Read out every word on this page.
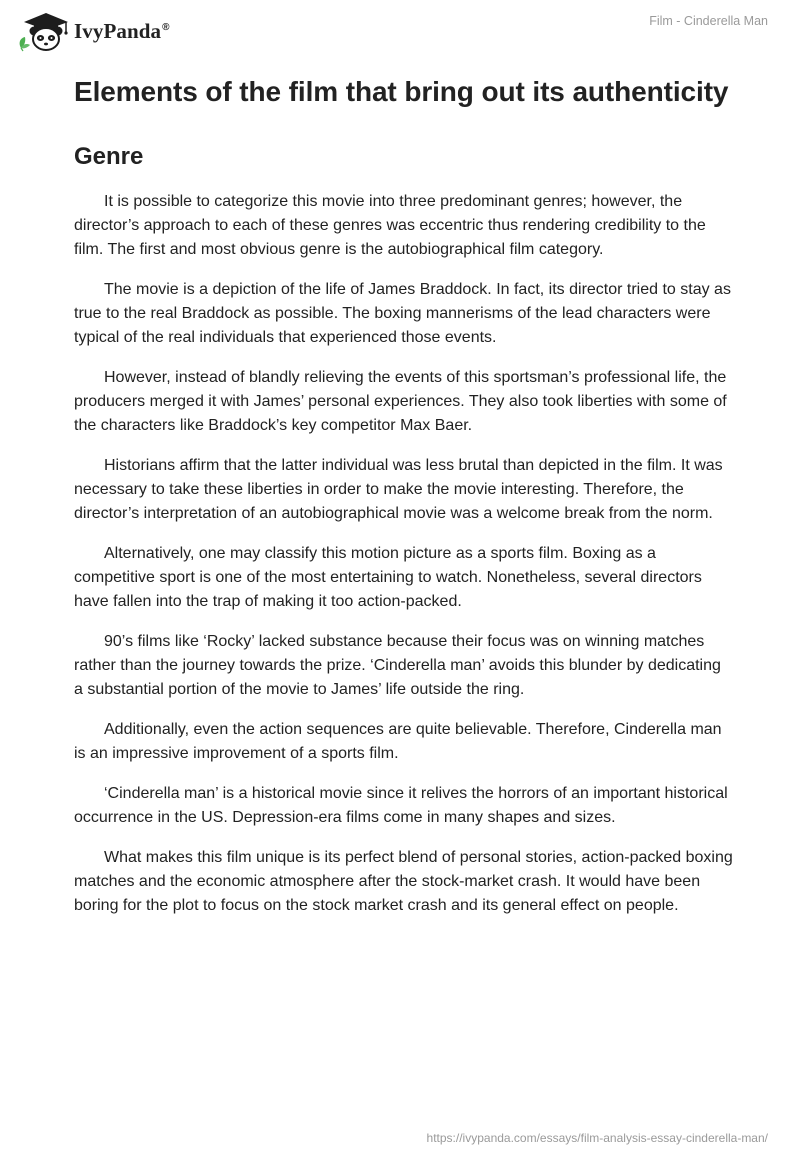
IvyPanda®	Film - Cinderella Man
Elements of the film that bring out its authenticity
Genre

It is possible to categorize this movie into three predominant genres; however, the director’s approach to each of these genres was eccentric thus rendering credibility to the film. The first and most obvious genre is the autobiographical film category.

The movie is a depiction of the life of James Braddock. In fact, its director tried to stay as true to the real Braddock as possible. The boxing mannerisms of the lead characters were typical of the real individuals that experienced those events.

However, instead of blandly relieving the events of this sportsman’s professional life, the producers merged it with James’ personal experiences. They also took liberties with some of the characters like Braddock’s key competitor Max Baer.

Historians affirm that the latter individual was less brutal than depicted in the film. It was necessary to take these liberties in order to make the movie interesting. Therefore, the director’s interpretation of an autobiographical movie was a welcome break from the norm.

Alternatively, one may classify this motion picture as a sports film. Boxing as a competitive sport is one of the most entertaining to watch. Nonetheless, several directors have fallen into the trap of making it too action-packed.

90’s films like ‘Rocky’ lacked substance because their focus was on winning matches rather than the journey towards the prize. ‘Cinderella man’ avoids this blunder by dedicating a substantial portion of the movie to James’ life outside the ring.

Additionally, even the action sequences are quite believable. Therefore, Cinderella man is an impressive improvement of a sports film.

‘Cinderella man’ is a historical movie since it relives the horrors of an important historical occurrence in the US. Depression-era films come in many shapes and sizes.

What makes this film unique is its perfect blend of personal stories, action-packed boxing matches and the economic atmosphere after the stock-market crash. It would have been boring for the plot to focus on the stock market crash and its general effect on people.

https://ivypanda.com/essays/film-analysis-essay-cinderella-man/
